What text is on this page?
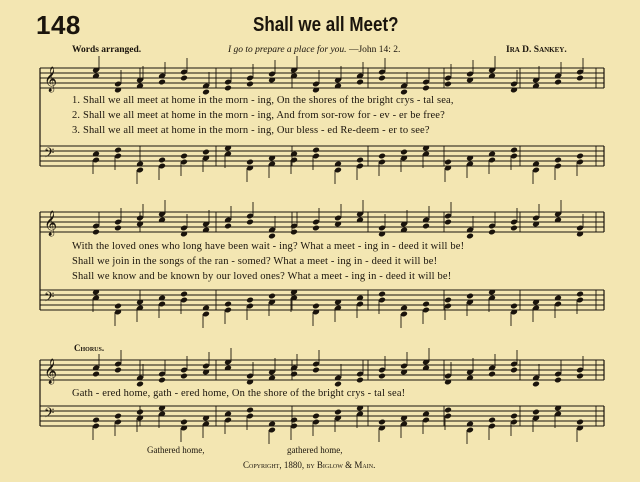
148	Shall we all Meet?
Words arranged.	I go to prepare a place for you. —John 14: 2.	Ira D. Sankey.
𝄞
𝄢
𝄞
𝄢
𝄞
𝄢
1. Shall we all meet at home in the morn - ing, On the shores of the bright crys - tal sea,
2. Shall we all meet at home in the morn - ing, And from sor-row for - ev - er be free?
3. Shall we all meet at home in the morn - ing, Our bless - ed Re-deem - er to see?
With the loved ones who long have been wait - ing? What a meet - ing in - deed it will be!
Shall we join in the songs of the ran - somed? What a meet - ing in - deed it will be!
Shall we know and be known by our loved ones? What a meet - ing in - deed it will be!
Chorus.
Gath - ered home, gath - ered home, On the shore of the bright crys - tal sea!
Gathered home,	gathered home,
Copyright, 1880, by Biglow & Main.
